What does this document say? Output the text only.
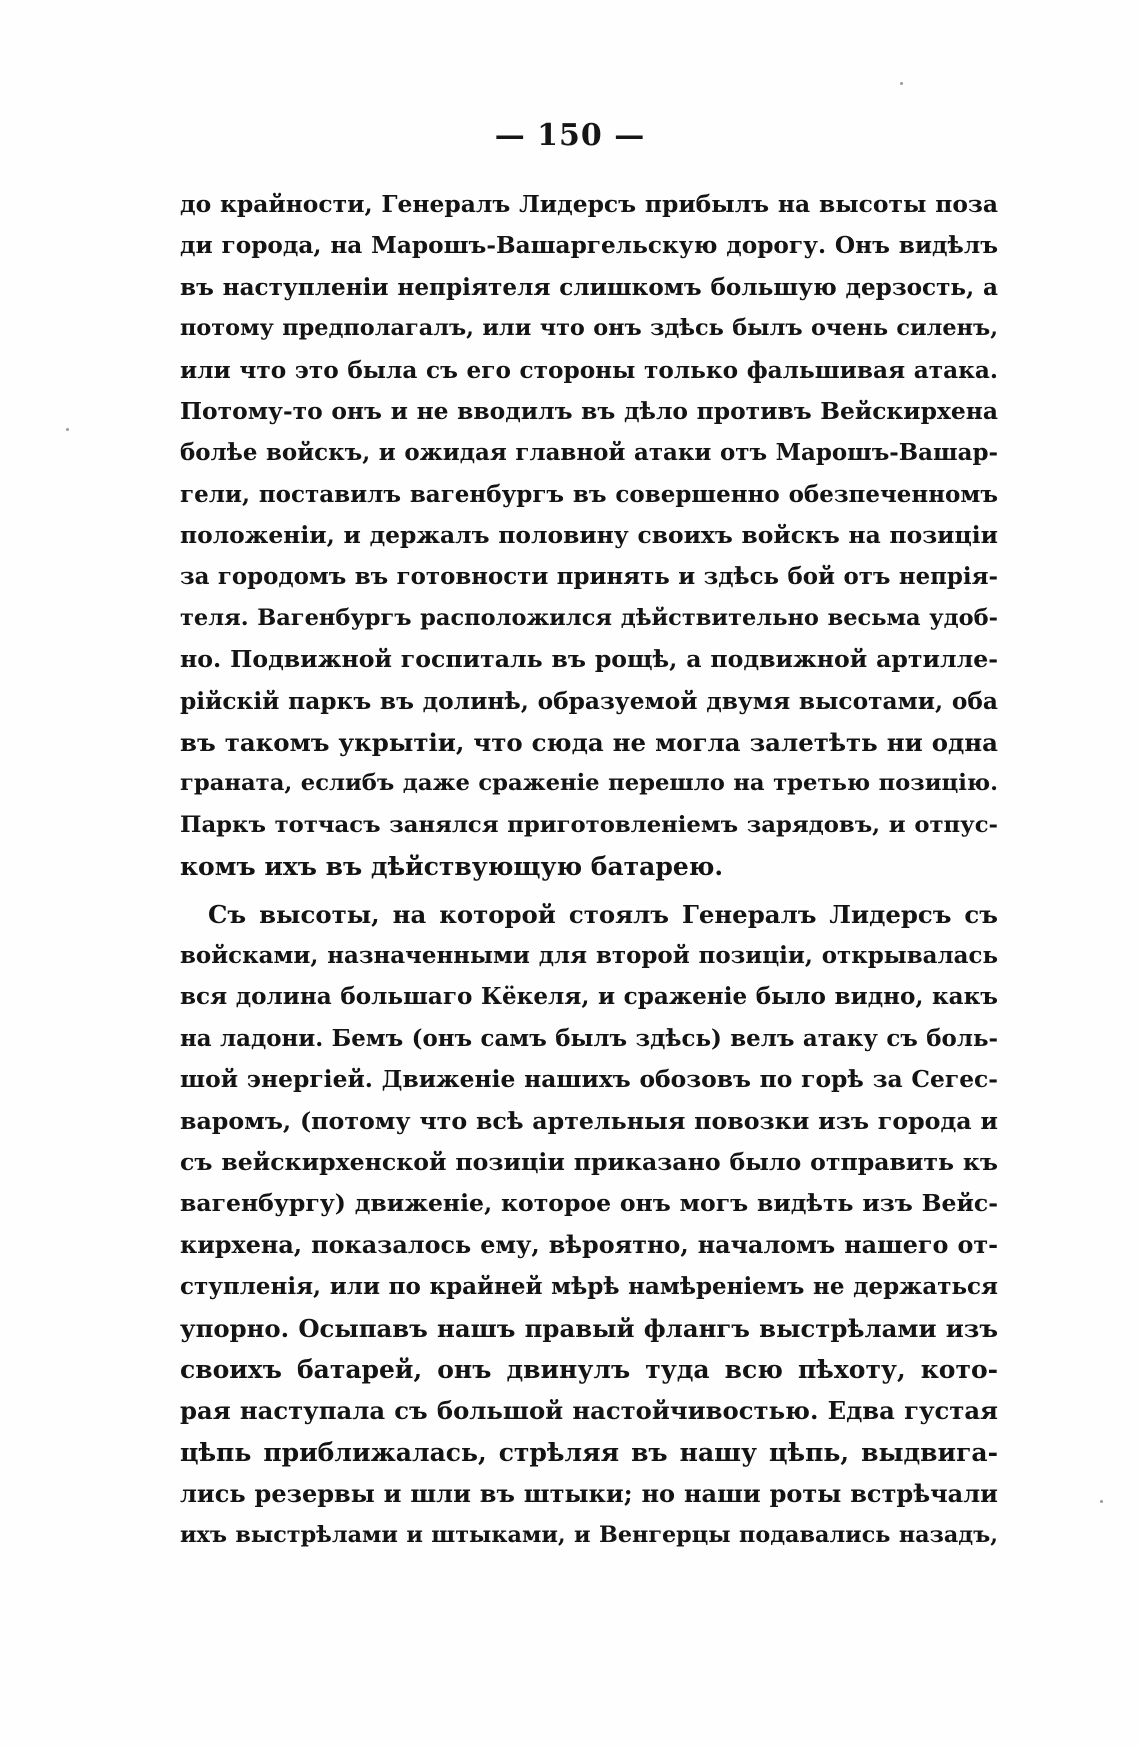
— 150 —
до крайности, Генералъ Лидерсъ прибылъ на высоты поза
ди города, на Марошъ-Вашаргельскую дорогу. Онъ видѣлъ
въ наступленіи непріятеля слишкомъ большую дерзость, а
потому предполагалъ, или что онъ здѣсь былъ очень силенъ,
или что это была съ его стороны только фальшивая атака.
Потому-то онъ и не вводилъ въ дѣло противъ Вейскирхена
болѣе войскъ, и ожидая главной атаки отъ Марошъ-Вашар-
гели, поставилъ вагенбургъ въ совершенно обезпеченномъ
положеніи, и держалъ половину своихъ войскъ на позиціи
за городомъ въ готовности принять и здѣсь бой отъ непрія-
теля. Вагенбургъ расположился дѣйствительно весьма удоб-
но. Подвижной госпиталь въ рощѣ, а подвижной артилле-
рійскій паркъ въ долинѣ, образуемой двумя высотами, оба
въ такомъ укрытіи, что сюда не могла залетѣть ни одна
граната, еслибъ даже сраженіе перешло на третью позицію.
Паркъ тотчасъ занялся приготовленіемъ зарядовъ, и отпус-
комъ ихъ въ дѣйствующую батарею.
Съ высоты, на которой стоялъ Генералъ Лидерсъ съ
войсками, назначенными для второй позиціи, открывалась
вся долина большаго Кёкеля, и сраженіе было видно, какъ
на ладони. Бемъ (онъ самъ былъ здѣсь) велъ атаку съ боль-
шой энергіей. Движеніе нашихъ обозовъ по горѣ за Сегес-
варомъ, (потому что всѣ артельныя повозки изъ города и
съ вейскирхенской позиціи приказано было отправить къ
вагенбургу) движеніе, которое онъ могъ видѣть изъ Вейс-
кирхена, показалось ему, вѣроятно, началомъ нашего от-
ступленія, или по крайней мѣрѣ намѣреніемъ не держаться
упорно. Осыпавъ нашъ правый флангъ выстрѣлами изъ
своихъ батарей, онъ двинулъ туда всю пѣхоту, кото-
рая наступала съ большой настойчивостью. Едва густая
цѣпь приближалась, стрѣляя въ нашу цѣпь, выдвига-
лись резервы и шли въ штыки; но наши роты встрѣчали
ихъ выстрѣлами и штыками, и Венгерцы подавались назадъ,
